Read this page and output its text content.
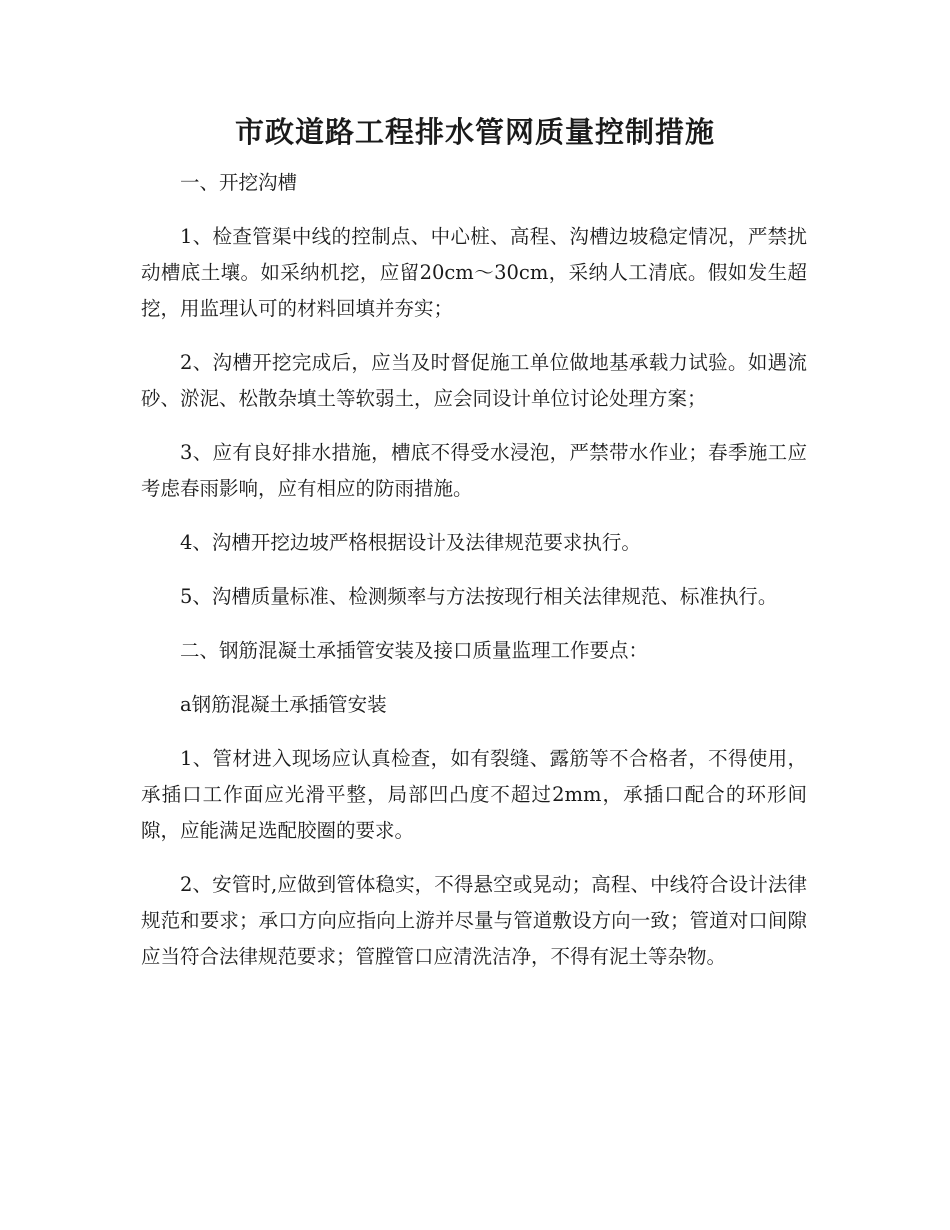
市政道路工程排水管网质量控制措施

一、开挖沟槽

1、检查管渠中线的控制点、中心桩、高程、沟槽边坡稳定情况，严禁扰动槽底土壤。如采纳机挖，应留20cm～30cm，采纳人工清底。假如发生超挖，用监理认可的材料回填并夯实；

2、沟槽开挖完成后，应当及时督促施工单位做地基承载力试验。如遇流砂、淤泥、松散杂填土等软弱土，应会同设计单位讨论处理方案；

3、应有良好排水措施，槽底不得受水浸泡，严禁带水作业；春季施工应考虑春雨影响，应有相应的防雨措施。

4、沟槽开挖边坡严格根据设计及法律规范要求执行。

5、沟槽质量标准、检测频率与方法按现行相关法律规范、标准执行。

二、钢筋混凝土承插管安装及接口质量监理工作要点：

a钢筋混凝土承插管安装

1、管材进入现场应认真检查，如有裂缝、露筋等不合格者，不得使用，承插口工作面应光滑平整，局部凹凸度不超过2mm，承插口配合的环形间隙，应能满足选配胶圈的要求。

2、安管时,应做到管体稳实，不得悬空或晃动；高程、中线符合设计法律规范和要求；承口方向应指向上游并尽量与管道敷设方向一致；管道对口间隙应当符合法律规范要求；管膛管口应清洗洁净，不得有泥土等杂物。
